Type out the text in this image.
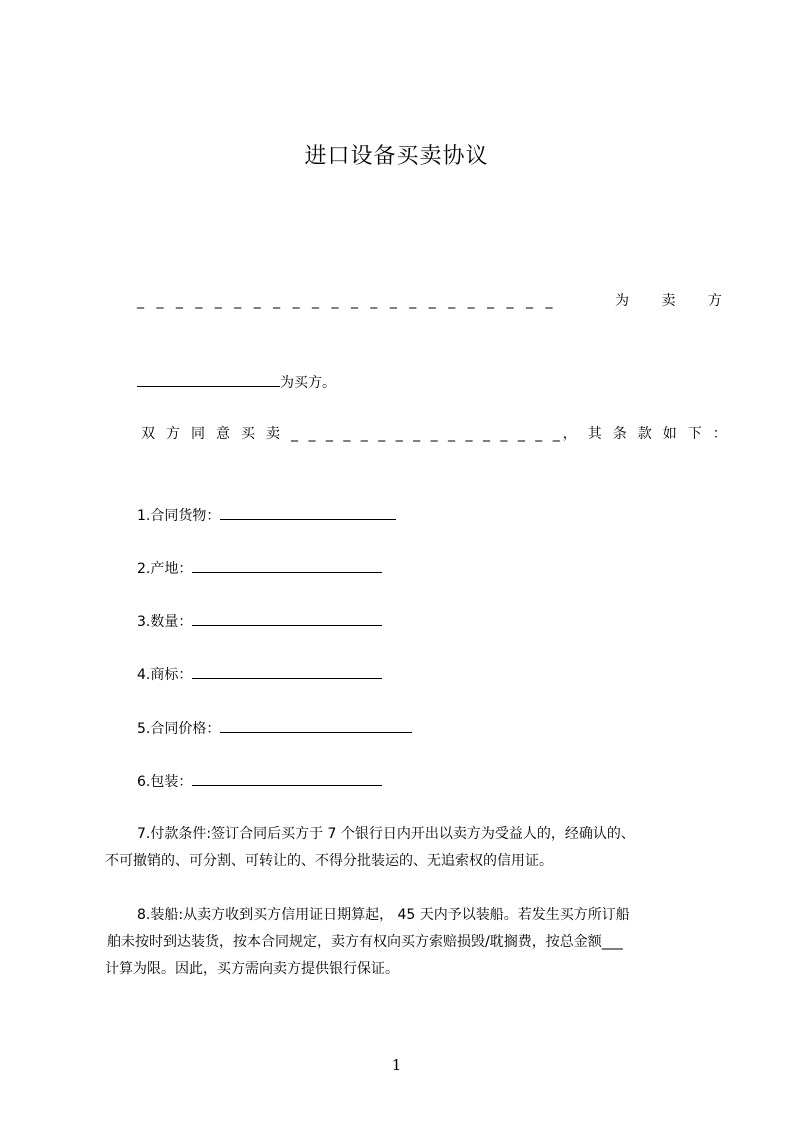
进口设备买卖协议
_ _ _ _ _ _ _ _ _ _ _ _ _ _ _ _ _ _ _ _ _ _	为 卖 方
为买方。
双方同意买卖_ _ _ _ _ _ _ _ _ _ _ _ _ _ _ _，其条款如下：
1.合同货物：
2.产地：
3.数量：
4.商标：
5.合同价格：
6.包装：
7.付款条件:签订合同后买方于 7 个银行日内开出以卖方为受益人的，经确认的、
不可撤销的、可分割、可转让的、不得分批装运的、无追索权的信用证。
8.装船:从卖方收到买方信用证日期算起， 45 天内予以装船。若发生买方所订船
舶未按时到达装货，按本合同规定，卖方有权向买方索赔损毁/耽搁费，按总金额___
计算为限。因此，买方需向卖方提供银行保证。
1
